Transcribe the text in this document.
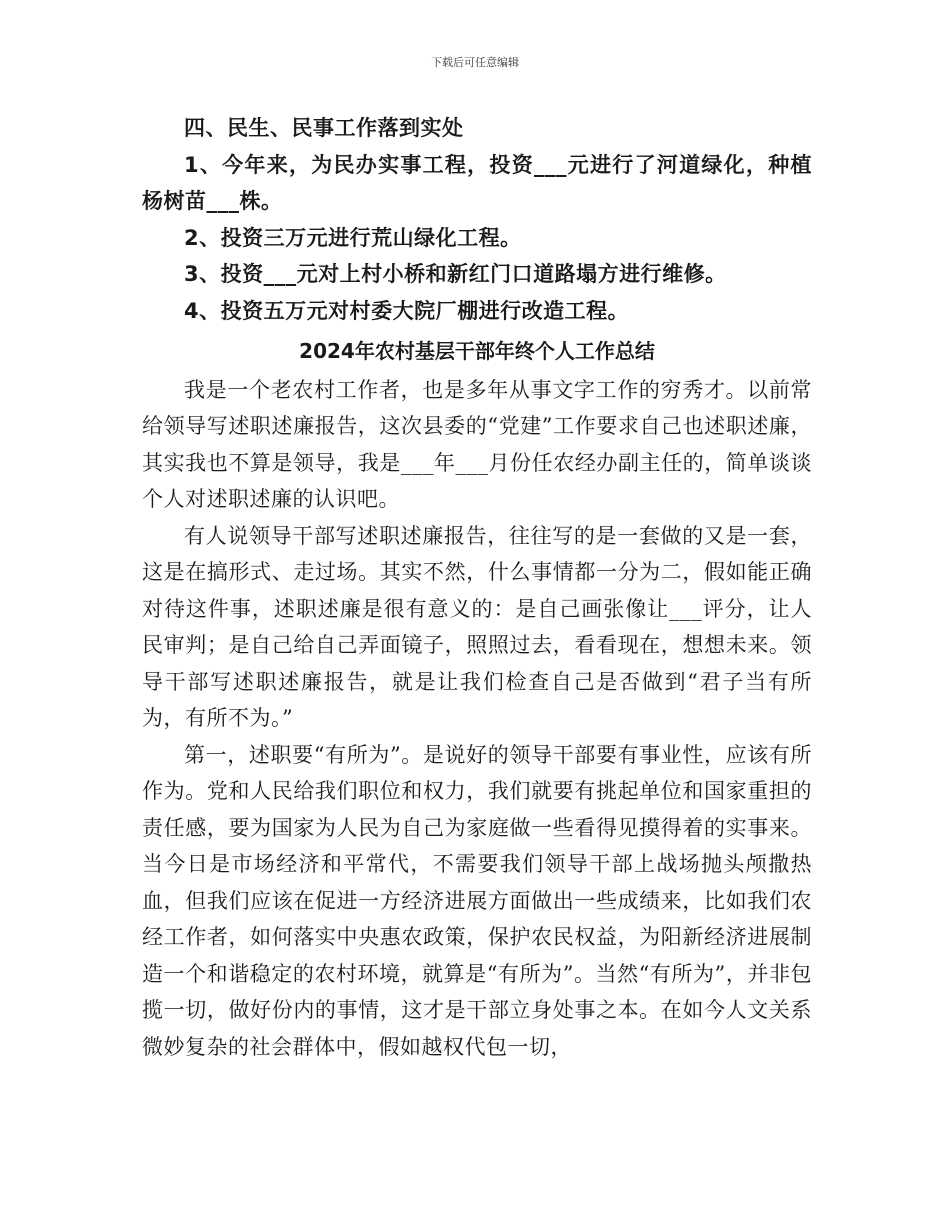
下载后可任意编辑

四、民生、民事工作落到实处

1、今年来，为民办实事工程，投资___元进行了河道绿化，种植杨树苗___株。

2、投资三万元进行荒山绿化工程。

3、投资___元对上村小桥和新红门口道路塌方进行维修。

4、投资五万元对村委大院厂棚进行改造工程。

2024年农村基层干部年终个人工作总结

我是一个老农村工作者，也是多年从事文字工作的穷秀才。以前常给领导写述职述廉报告，这次县委的“党建”工作要求自己也述职述廉，其实我也不算是领导，我是___年___月份任农经办副主任的，简单谈谈个人对述职述廉的认识吧。

有人说领导干部写述职述廉报告，往往写的是一套做的又是一套，这是在搞形式、走过场。其实不然，什么事情都一分为二，假如能正确对待这件事，述职述廉是很有意义的：是自己画张像让___评分，让人民审判；是自己给自己弄面镜子，照照过去，看看现在，想想未来。领导干部写述职述廉报告，就是让我们检查自己是否做到“君子当有所为，有所不为。”

第一，述职要“有所为”。是说好的领导干部要有事业性，应该有所作为。党和人民给我们职位和权力，我们就要有挑起单位和国家重担的责任感，要为国家为人民为自己为家庭做一些看得见摸得着的实事来。当今日是市场经济和平常代，不需要我们领导干部上战场抛头颅撒热血，但我们应该在促进一方经济进展方面做出一些成绩来，比如我们农经工作者，如何落实中央惠农政策，保护农民权益，为阳新经济进展制造一个和谐稳定的农村环境，就算是“有所为”。当然“有所为”，并非包揽一切，做好份内的事情，这才是干部立身处事之本。在如今人文关系微妙复杂的社会群体中，假如越权代包一切，
